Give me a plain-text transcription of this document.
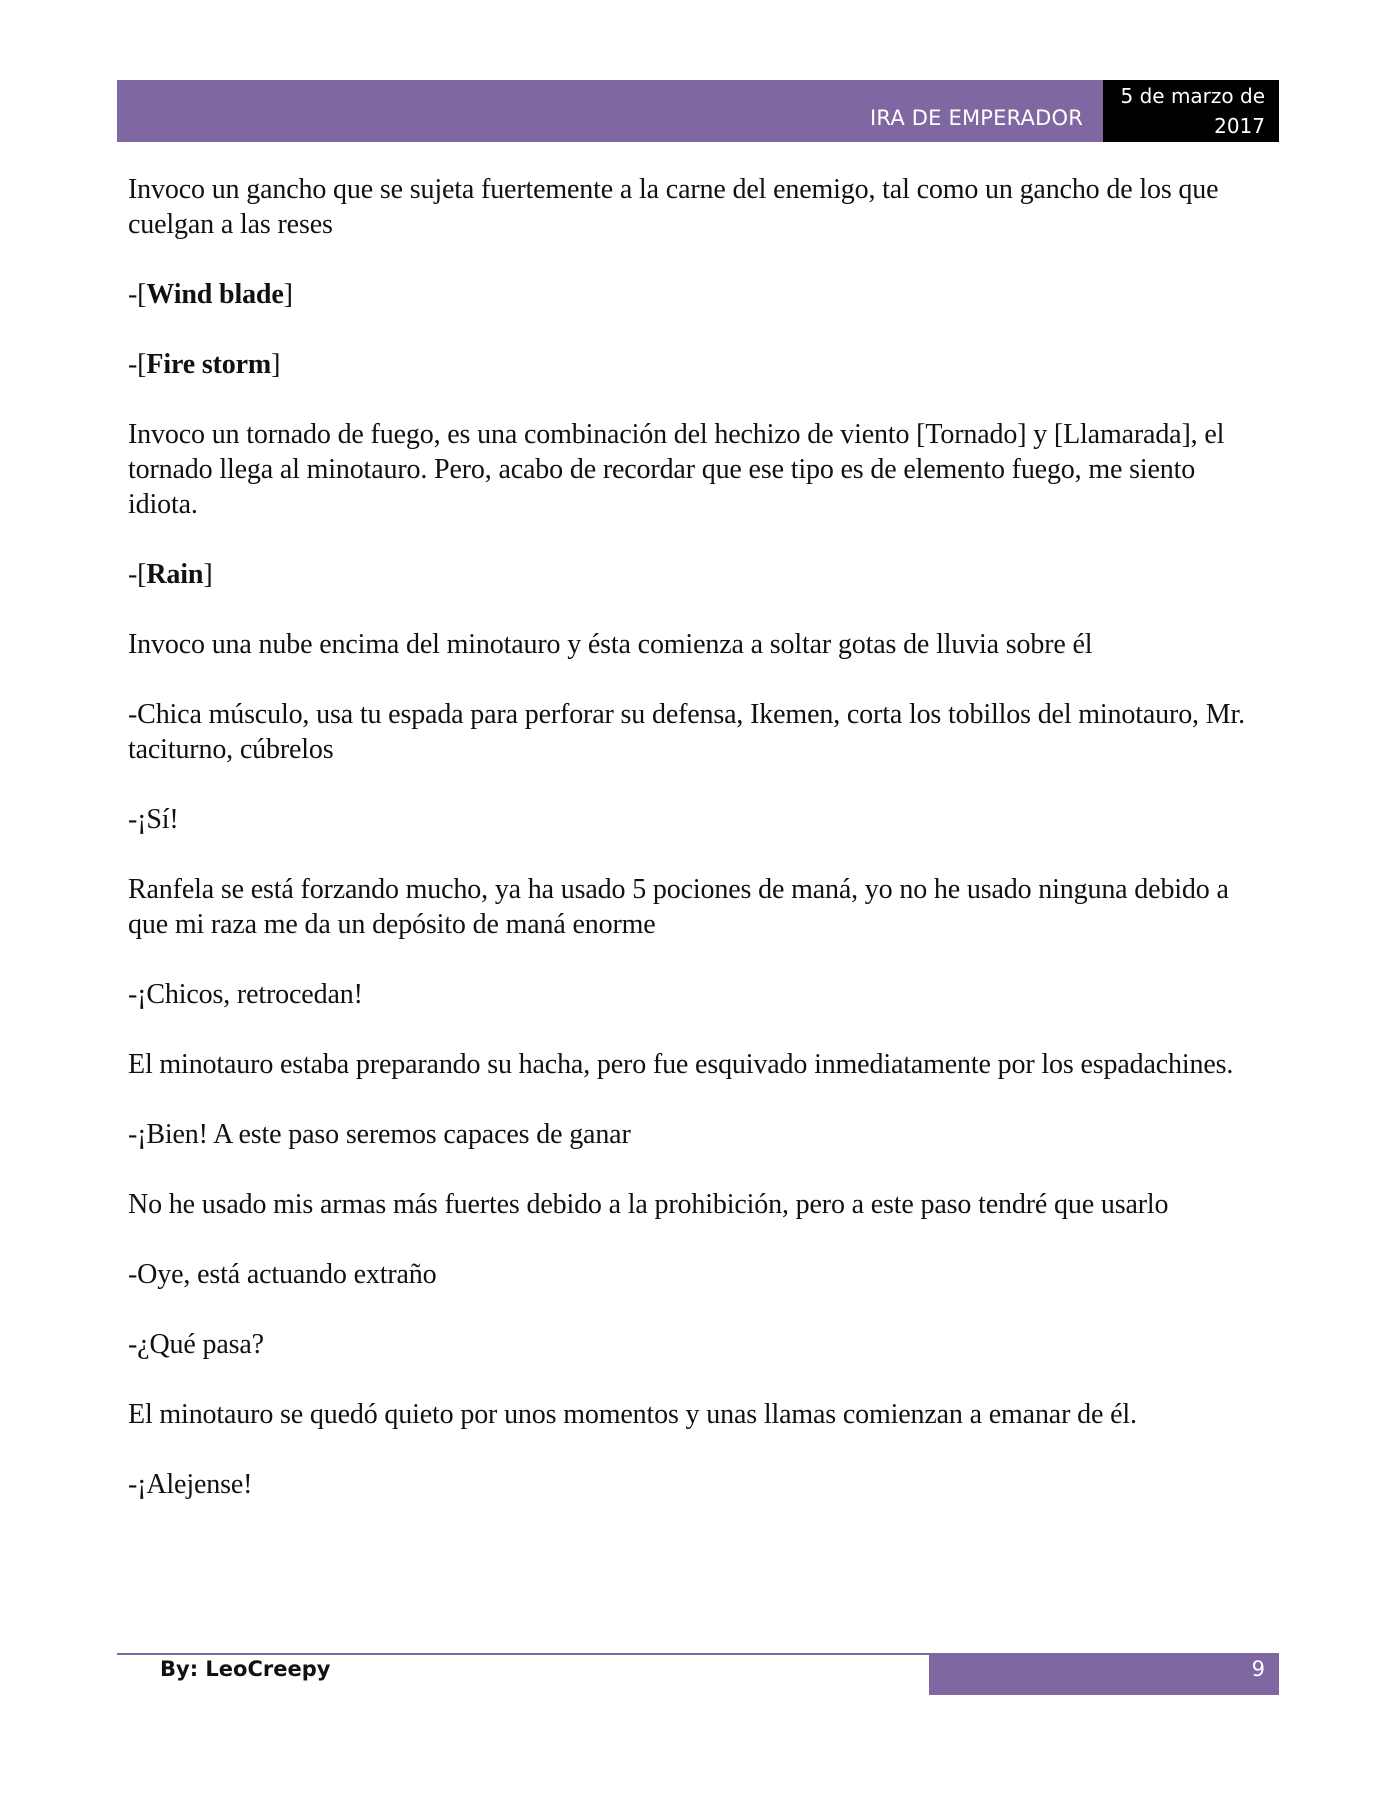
IRA DE EMPERADOR
5 de marzo de 2017

Invoco un gancho que se sujeta fuertemente a la carne del enemigo, tal como un gancho de los que cuelgan a las reses

-[Wind blade]

-[Fire storm]

Invoco un tornado de fuego, es una combinación del hechizo de viento [Tornado] y [Llamarada], el tornado llega al minotauro. Pero, acabo de recordar que ese tipo es de elemento fuego, me siento idiota.

-[Rain]

Invoco una nube encima del minotauro y ésta comienza a soltar gotas de lluvia sobre él

-Chica músculo, usa tu espada para perforar su defensa, Ikemen, corta los tobillos del minotauro, Mr. taciturno, cúbrelos

-¡Sí!

Ranfela se está forzando mucho, ya ha usado 5 pociones de maná, yo no he usado ninguna debido a que mi raza me da un depósito de maná enorme

-¡Chicos, retrocedan!

El minotauro estaba preparando su hacha, pero fue esquivado inmediatamente por los espadachines.

-¡Bien! A este paso seremos capaces de ganar

No he usado mis armas más fuertes debido a la prohibición, pero a este paso tendré que usarlo

-Oye, está actuando extraño

-¿Qué pasa?

El minotauro se quedó quieto por unos momentos y unas llamas comienzan a emanar de él.

-¡Alejense!

By: LeoCreepy	9
